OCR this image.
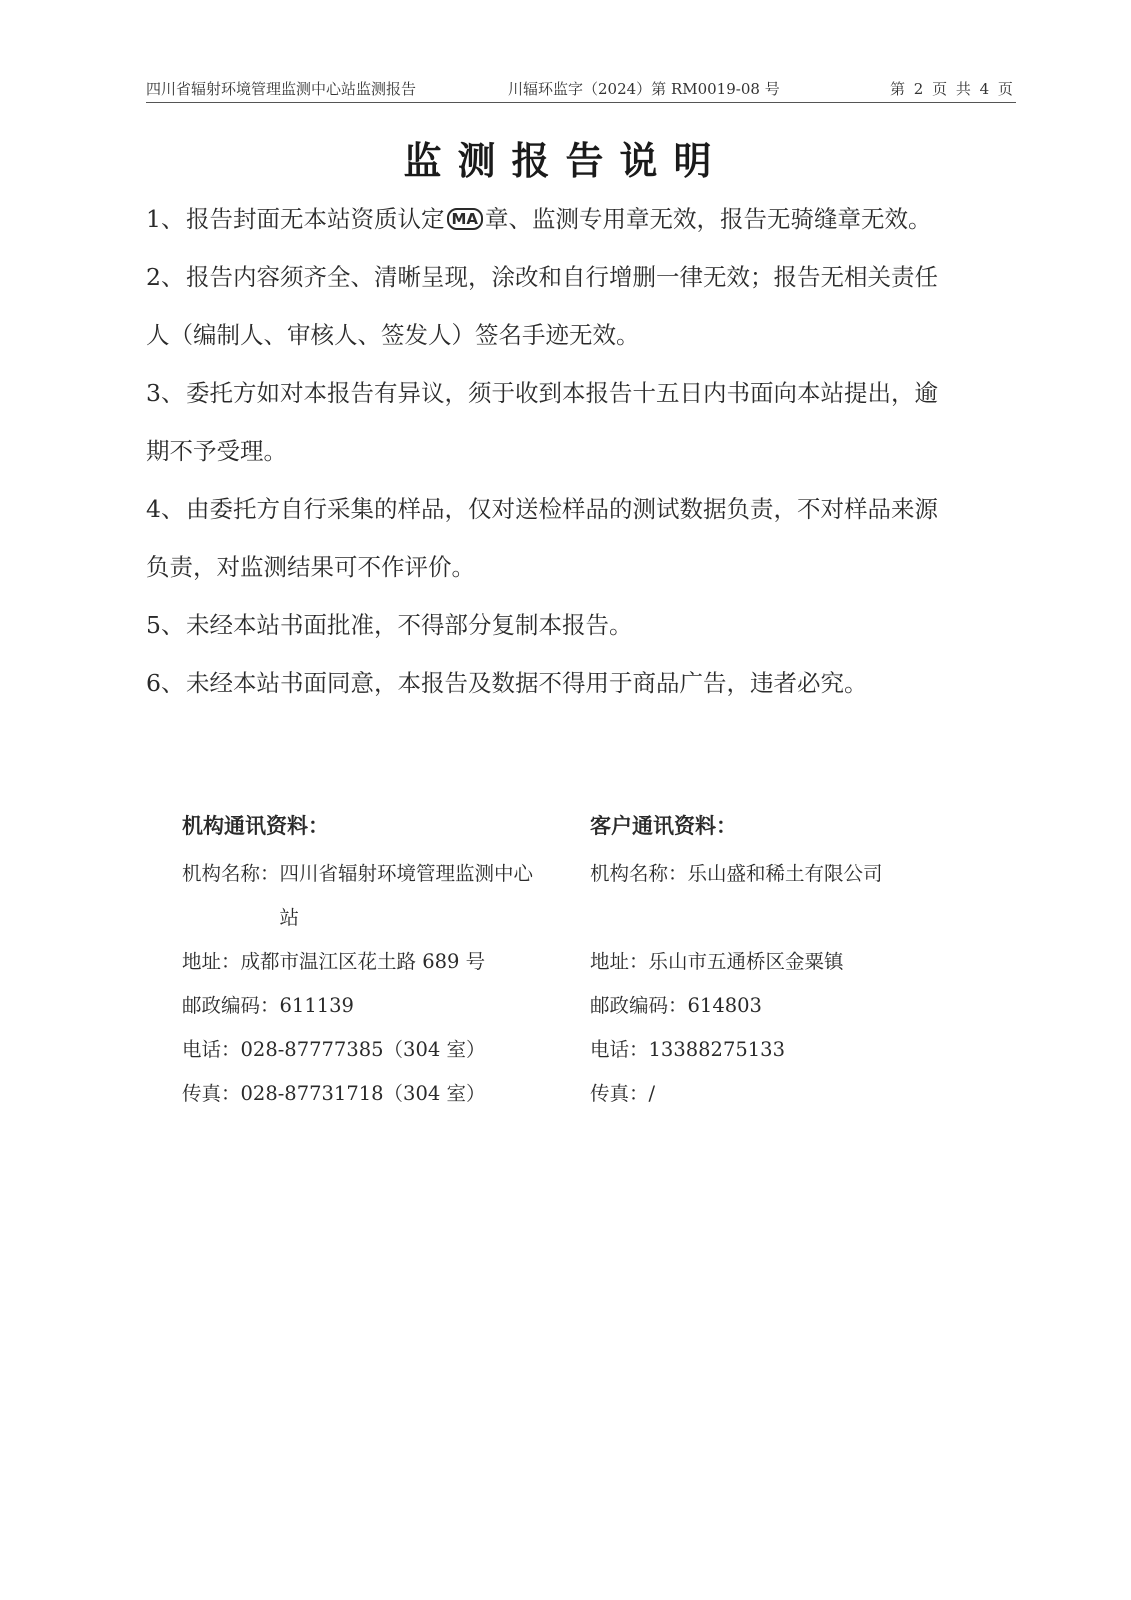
四川省辐射环境管理监测中心站监测报告	川辐环监字（2024）第 RM0019-08 号	第 2 页 共 4 页
监测报告说明
1、报告封面无本站资质认定 MA 章、监测专用章无效，报告无骑缝章无效。
2、报告内容须齐全、清晰呈现，涂改和自行增删一律无效；报告无相关责任
人（编制人、审核人、签发人）签名手迹无效。
3、委托方如对本报告有异议，须于收到本报告十五日内书面向本站提出，逾
期不予受理。
4、由委托方自行采集的样品，仅对送检样品的测试数据负责，不对样品来源
负责，对监测结果可不作评价。
5、未经本站书面批准，不得部分复制本报告。
6、未经本站书面同意，本报告及数据不得用于商品广告，违者必究。
机构通讯资料：
机构名称：四川省辐射环境管理监测中心站
地址：成都市温江区花土路 689 号
邮政编码：611139
电话：028-87777385（304 室）
传真：028-87731718（304 室）
客户通讯资料：
机构名称：乐山盛和稀土有限公司
地址：乐山市五通桥区金粟镇
邮政编码：614803
电话：13388275133
传真：/
